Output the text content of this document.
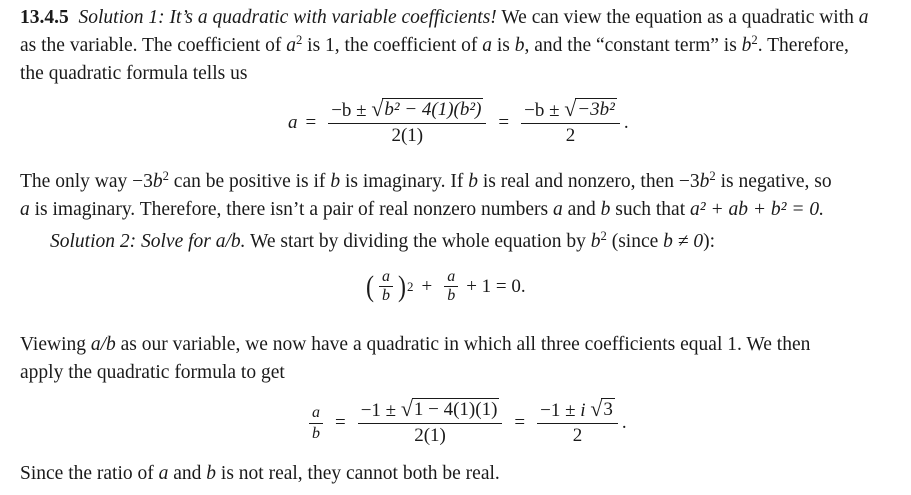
13.4.5 Solution 1: It’s a quadratic with variable coefficients! We can view the equation as a quadratic with a

as the variable. The coefficient of $a^2$ is 1, the coefficient of a is b, and the “constant term” is $b^2$. Therefore,

the quadratic formula tells us

$a = \frac{\text{−b ± √ b² − 4(1)(b²)}}{2(1)} = \frac{\text{−b ± √ −3b²}}{2}$ .

The only way $-3b^2$ can be positive is if b is imaginary. If b is real and nonzero, then $-3b^2$ is negative, so

a is imaginary. Therefore, there isn’t a pair of real nonzero numbers a and b such that a² + ab + b² = 0.

Solution 2: Solve for a/b. We start by dividing the whole equation by $b^2$ (since b ≠ 0):

( $\frac{a}{b}$ ) $2 + \frac{a}{b} + 1 = 0$.

Viewing a/b as our variable, we now have a quadratic in which all three coefficients equal 1. We then

apply the quadratic formula to get

$\frac{a}{b} = \frac{-1 \pm √ 1 - 4(1)(1)}{2(1)} = \frac{-1 \pm i √ 3}{2}$ .

Since the ratio of a and b is not real, they cannot both be real.
